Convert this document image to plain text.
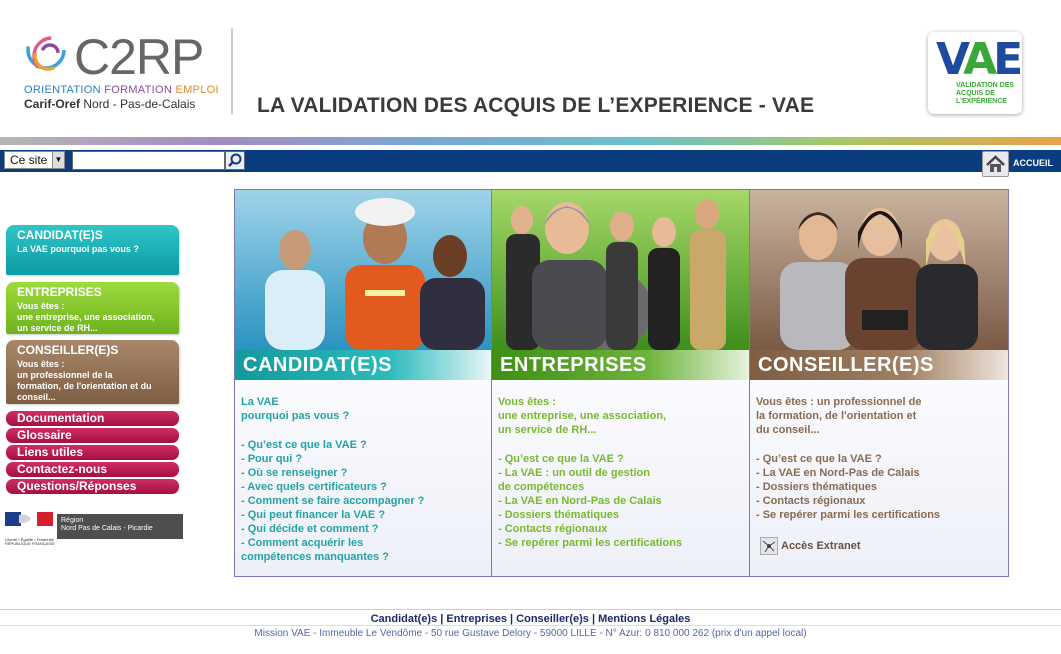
C2RP
ORIENTATION FORMATION EMPLOI
Carif-Oref Nord - Pas-de-Calais	LA VALIDATION DES ACQUIS DE L’EXPERIENCE - VAE
VAE
VALIDATION DES ACQUIS DE L'EXPÉRIENCE
Ce site ▼	ACCUEIL
CANDIDAT(E)S
La VAE pourquoi pas vous ?
ENTREPRISES
Vous êtes :
une entreprise, une association,
un service de RH...
CONSEILLER(E)S
Vous êtes :
un professionnel de la
formation, de l'orientation et du
conseil...
Documentation
Glossaire
Liens utiles
Contactez-nous
Questions/Réponses
Liberté • Égalité • Fraternité
RÉPUBLIQUE FRANÇAISE
Région
Nord Pas de Calais - Picardie
CANDIDAT(E)S
La VAE
pourquoi pas vous ?
- Qu’est ce que la VAE ?
- Pour qui ?
- Où se renseigner ?
- Avec quels certificateurs ?
- Comment se faire accompagner ?
- Qui peut financer la VAE ?
- Qui décide et comment ?
- Comment acquérir les
compétences manquantes ?
ENTREPRISES
Vous êtes :
une entreprise, une association,
un service de RH...
- Qu’est ce que la VAE ?
- La VAE : un outil de gestion
de compétences
- La VAE en Nord-Pas de Calais
- Dossiers thématiques
- Contacts régionaux
- Se repérer parmi les certifications
CONSEILLER(E)S
Vous êtes : un professionnel de
la formation, de l'orientation et
du conseil...
- Qu’est ce que la VAE ?
- La VAE en Nord-Pas de Calais
- Dossiers thématiques
- Contacts régionaux
- Se repérer parmi les certifications
Accès Extranet
Candidat(e)s | Entreprises | Conseiller(e)s | Mentions Légales
Mission VAE - Immeuble Le Vendôme - 50 rue Gustave Delory - 59000 LILLE - N° Azur: 0 810 000 262 (prix d'un appel local)
